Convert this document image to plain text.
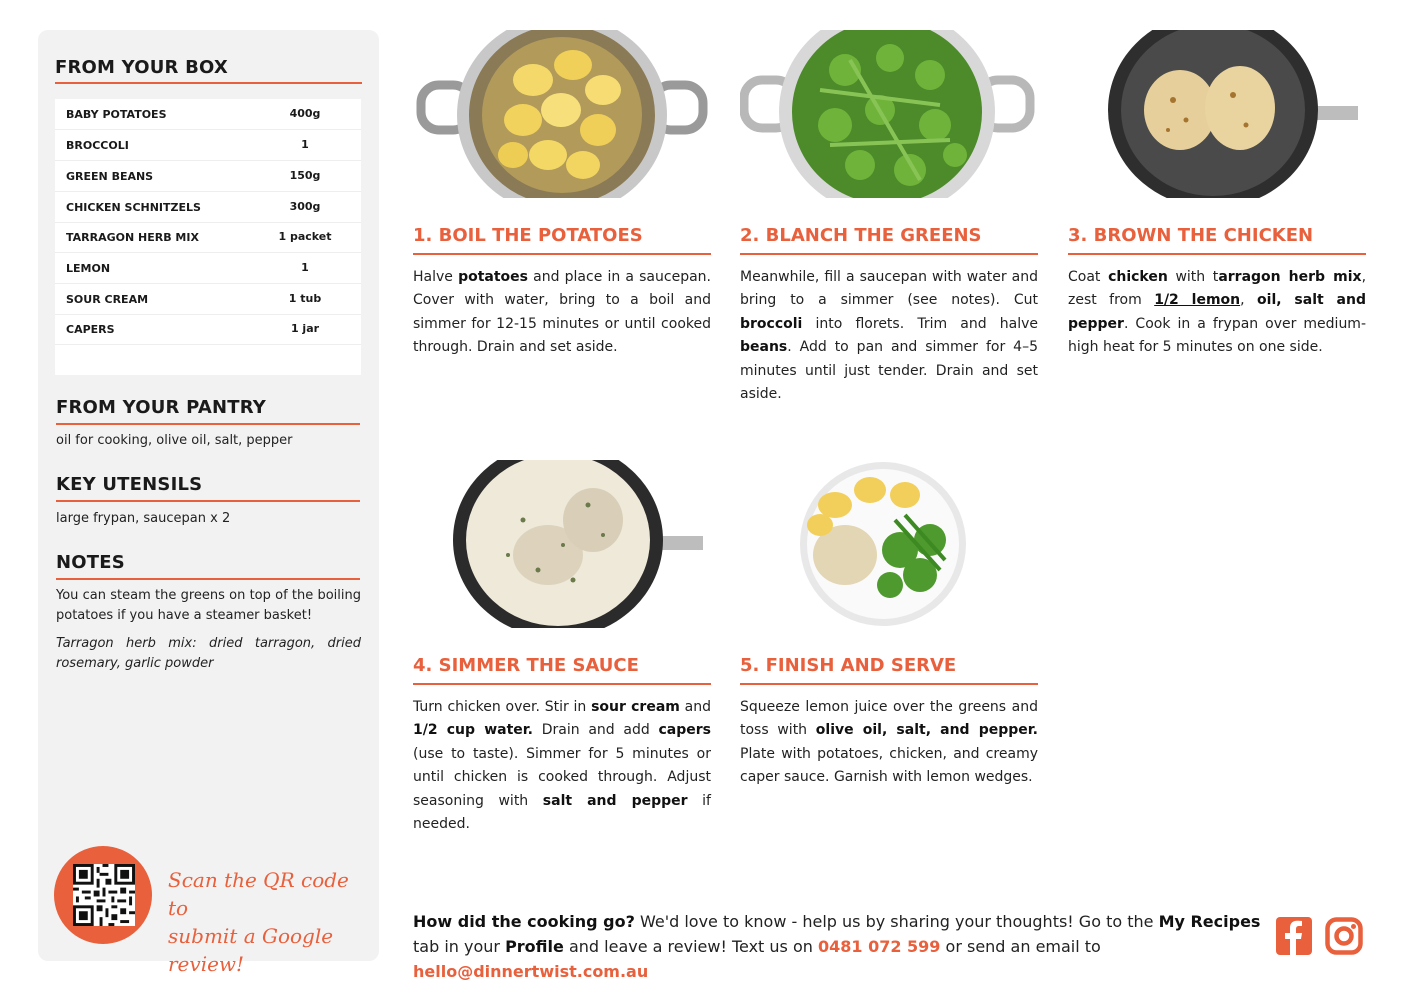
FROM YOUR BOX
BABY POTATOES	400g
BROCCOLI	1
GREEN BEANS	150g
CHICKEN SCHNITZELS	300g
TARRAGON HERB MIX	1 packet
LEMON	1
SOUR CREAM	1 tub
CAPERS	1 jar
FROM YOUR PANTRY
oil for cooking, olive oil, salt, pepper
KEY UTENSILS
large frypan, saucepan x 2
NOTES
You can steam the greens on top of the boiling potatoes if you have a steamer basket!
Tarragon herb mix: dried tarragon, dried rosemary, garlic powder
Scan the QR code to
submit a Google review!
1. BOIL THE POTATOES	2. BLANCH THE GREENS	3. BROWN THE CHICKEN
4. SIMMER THE SAUCE	5. FINISH AND SERVE
Halve potatoes and place in a saucepan. Cover with water, bring to a boil and simmer for 12-15 minutes or until cooked through. Drain and set aside.
Meanwhile, fill a saucepan with water and bring to a simmer (see notes). Cut broccoli into florets. Trim and halve beans. Add to pan and simmer for 4–5 minutes until just tender. Drain and set aside.
Coat chicken with tarragon herb mix, zest from 1/2 lemon, oil, salt and pepper. Cook in a frypan over medium-high heat for 5 minutes on one side.
Turn chicken over. Stir in sour cream and 1/2 cup water. Drain and add capers (use to taste). Simmer for 5 minutes or until chicken is cooked through. Adjust seasoning with salt and pepper if needed.
Squeeze lemon juice over the greens and toss with olive oil, salt, and pepper. Plate with potatoes, chicken, and creamy caper sauce. Garnish with lemon wedges.
How did the cooking go? We'd love to know - help us by sharing your thoughts! Go to the My Recipes tab in your Profile and leave a review! Text us on 0481 072 599 or send an email to hello@dinnertwist.com.au
